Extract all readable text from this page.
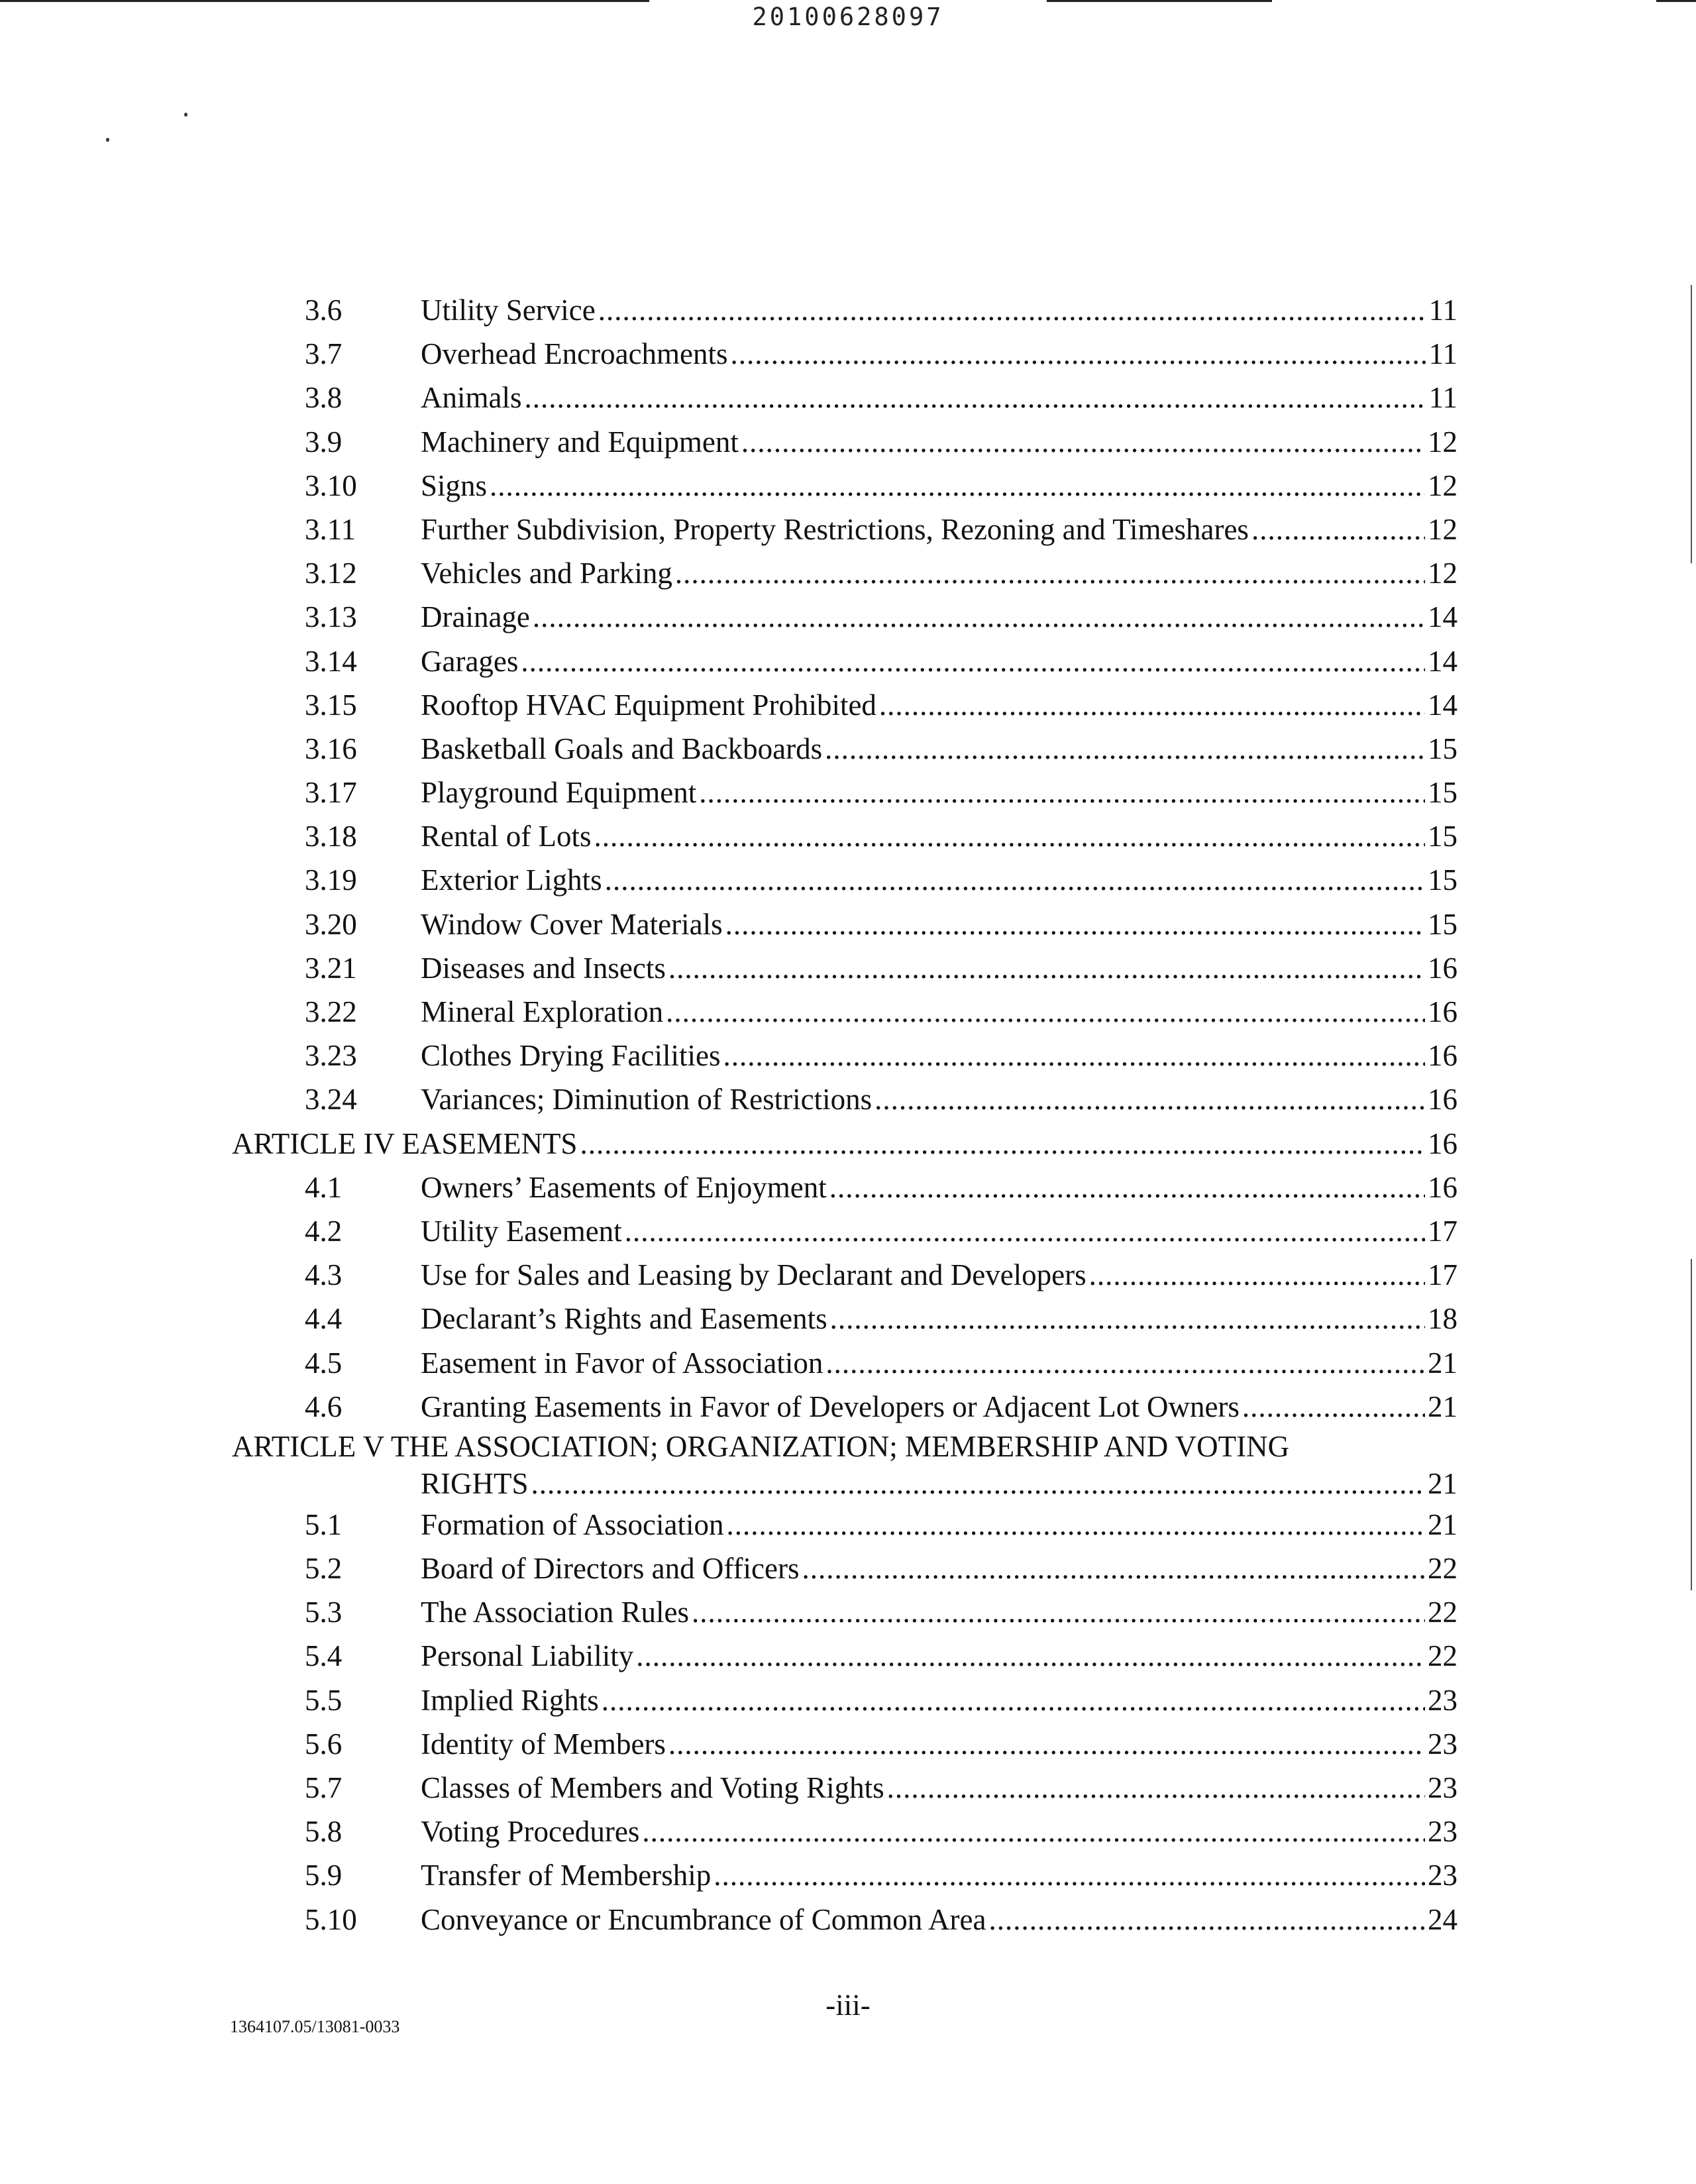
20100628097
3.6	Utility Service .....	11
3.7	Overhead Encroachments .....	11
3.8	Animals .....	11
3.9	Machinery and Equipment .....	12
3.10 Signs .....	12
3.11 Further Subdivision, Property Restrictions, Rezoning and Timeshares .....	12
3.12 Vehicles and Parking .....	12
3.13 Drainage .....	14
3.14 Garages .....	14
3.15 Rooftop HVAC Equipment Prohibited .....	14
3.16 Basketball Goals and Backboards .....	15
3.17 Playground Equipment .....	15
3.18 Rental of Lots .....	15
3.19 Exterior Lights .....	15
3.20 Window Cover Materials .....	15
3.21 Diseases and Insects .....	16
3.22 Mineral Exploration .....	16
3.23 Clothes Drying Facilities .....	16
3.24 Variances; Diminution of Restrictions .....	16
ARTICLE IV EASEMENTS .....	16
4.1	Owners’ Easements of Enjoyment .....	16
4.2	Utility Easement .....	17
4.3	Use for Sales and Leasing by Declarant and Developers .....	17
4.4	Declarant’s Rights and Easements .....	18
4.5	Easement in Favor of Association .....	21
4.6	Granting Easements in Favor of Developers or Adjacent Lot Owners .....	21
ARTICLE V THE ASSOCIATION; ORGANIZATION; MEMBERSHIP AND VOTING
RIGHTS .....	21
5.1	Formation of Association .....	21
5.2	Board of Directors and Officers .....	22
5.3	The Association Rules .....	22
5.4	Personal Liability .....	22
5.5	Implied Rights .....	23
5.6	Identity of Members .....	23
5.7	Classes of Members and Voting Rights .....	23
5.8	Voting Procedures .....	23
5.9	Transfer of Membership .....	23
5.10 Conveyance or Encumbrance of Common Area .....	24
-iii-
1364107.05/13081-0033
